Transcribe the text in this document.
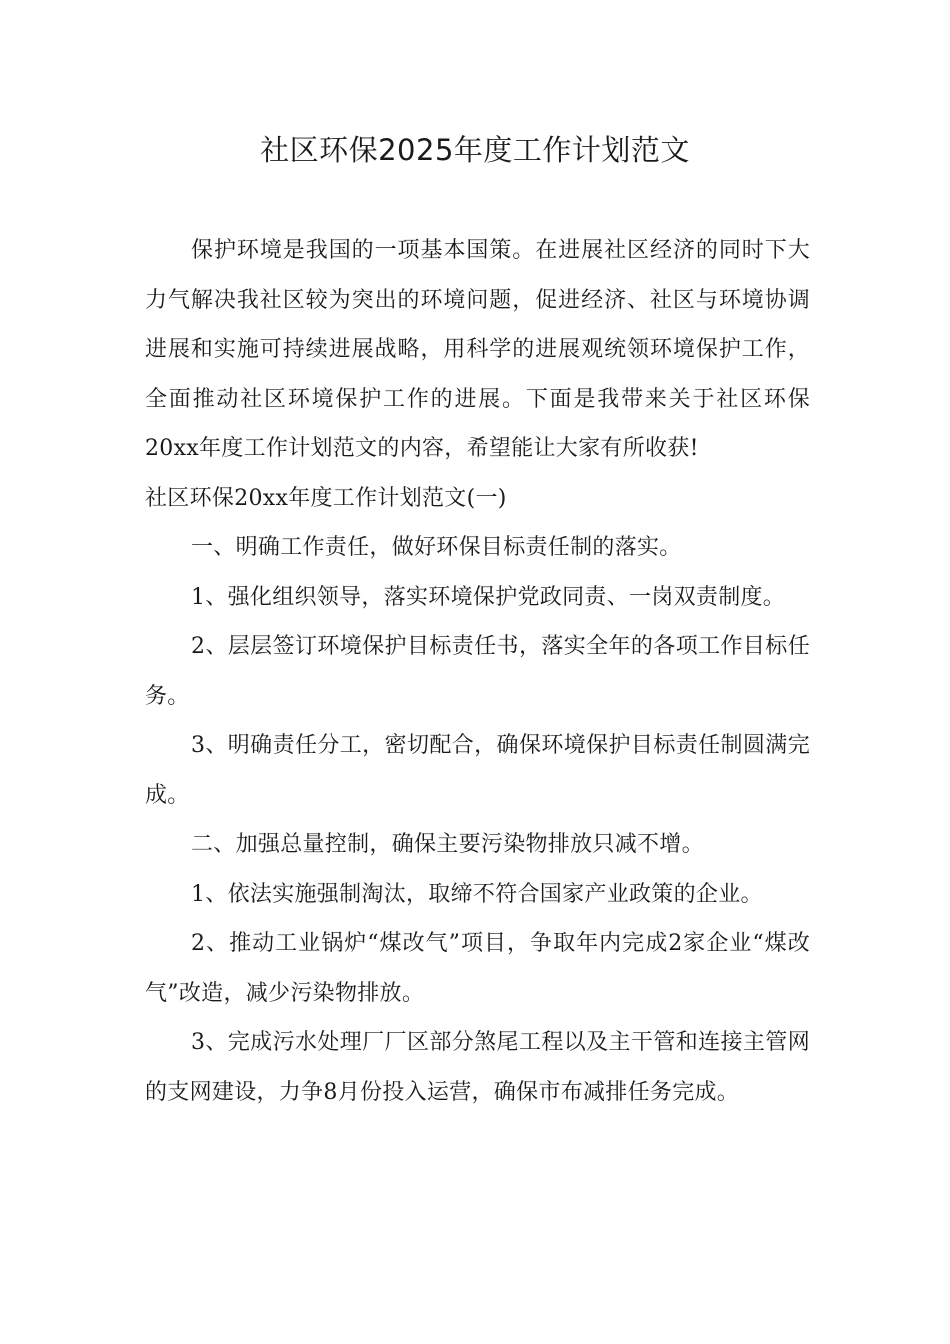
社区环保2025年度工作计划范文

保护环境是我国的一项基本国策。在进展社区经济的同时下大力气解决我社区较为突出的环境问题，促进经济、社区与环境协调进展和实施可持续进展战略，用科学的进展观统领环境保护工作，全面推动社区环境保护工作的进展。下面是我带来关于社区环保20xx年度工作计划范文的内容，希望能让大家有所收获!

社区环保20xx年度工作计划范文(一)

一、明确工作责任，做好环保目标责任制的落实。

1、强化组织领导，落实环境保护党政同责、一岗双责制度。

2、层层签订环境保护目标责任书，落实全年的各项工作目标任务。

3、明确责任分工，密切配合，确保环境保护目标责任制圆满完成。

二、加强总量控制，确保主要污染物排放只减不增。

1、依法实施强制淘汰，取缔不符合国家产业政策的企业。

2、推动工业锅炉“煤改气”项目，争取年内完成2家企业“煤改气”改造，减少污染物排放。

3、完成污水处理厂厂区部分煞尾工程以及主干管和连接主管网的支网建设，力争8月份投入运营，确保市布减排任务完成。
